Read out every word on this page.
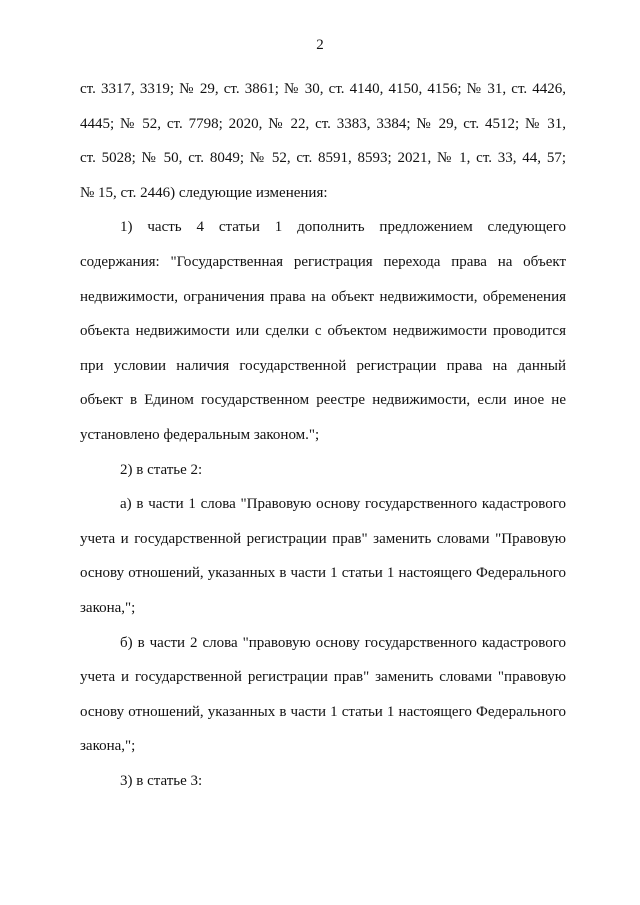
2
ст. 3317, 3319; № 29, ст. 3861; № 30, ст. 4140, 4150, 4156; № 31, ст. 4426,
4445; № 52, ст. 7798; 2020, № 22, ст. 3383, 3384; № 29, ст. 4512; № 31,
ст. 5028; № 50, ст. 8049; № 52, ст. 8591, 8593; 2021, № 1, ст. 33, 44, 57;
№ 15, ст. 2446) следующие изменения:
1) часть 4 статьи 1 дополнить предложением следующего
содержания: "Государственная регистрация перехода права на объект
недвижимости, ограничения права на объект недвижимости, обременения
объекта недвижимости или сделки с объектом недвижимости проводится
при условии наличия государственной регистрации права на данный
объект в Едином государственном реестре недвижимости, если иное не
установлено федеральным законом.";
2) в статье 2:
а) в части 1 слова "Правовую основу государственного кадастрового
учета и государственной регистрации прав" заменить словами "Правовую
основу отношений, указанных в части 1 статьи 1 настоящего Федерального
закона,";
б) в части 2 слова "правовую основу государственного кадастрового
учета и государственной регистрации прав" заменить словами "правовую
основу отношений, указанных в части 1 статьи 1 настоящего Федерального
закона,";
3) в статье 3:
